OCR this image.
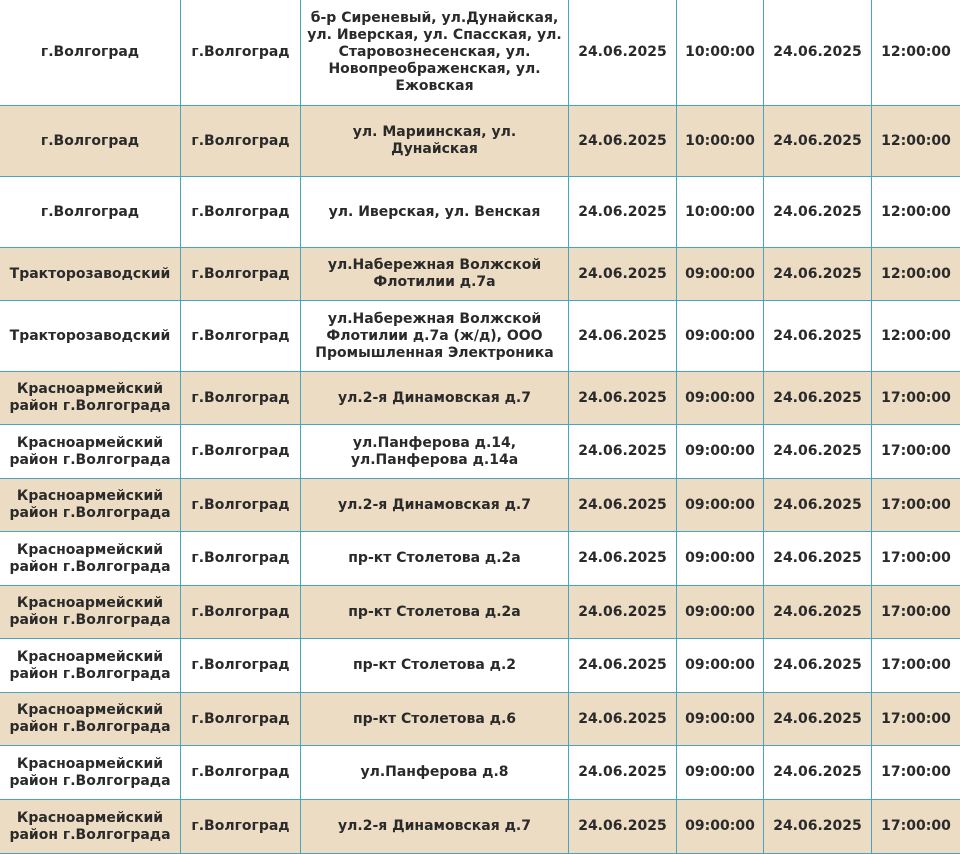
г.Волгоград	г.Волгоград	б-р Сиреневый, ул.Дунайская, ул. Иверская, ул. Спасская, ул. Старовознесенская, ул. Новопреображенская, ул. Ежовская	24.06.2025	10:00:00	24.06.2025	12:00:00
г.Волгоград	г.Волгоград	ул. Мариинская, ул. Дунайская	24.06.2025	10:00:00	24.06.2025	12:00:00
г.Волгоград	г.Волгоград	ул. Иверская, ул. Венская	24.06.2025	10:00:00	24.06.2025	12:00:00
Тракторозаводский	г.Волгоград	ул.Набережная Волжской Флотилии д.7а	24.06.2025	09:00:00	24.06.2025	12:00:00
Тракторозаводский	г.Волгоград	ул.Набережная Волжской Флотилии д.7а (ж/д), ООО Промышленная Электроника	24.06.2025	09:00:00	24.06.2025	12:00:00
Красноармейский район г.Волгограда	г.Волгоград	ул.2-я Динамовская д.7	24.06.2025	09:00:00	24.06.2025	17:00:00
Красноармейский район г.Волгограда	г.Волгоград	ул.Панферова д.14, ул.Панферова д.14а	24.06.2025	09:00:00	24.06.2025	17:00:00
Красноармейский район г.Волгограда	г.Волгоград	ул.2-я Динамовская д.7	24.06.2025	09:00:00	24.06.2025	17:00:00
Красноармейский район г.Волгограда	г.Волгоград	пр-кт Столетова д.2а	24.06.2025	09:00:00	24.06.2025	17:00:00
Красноармейский район г.Волгограда	г.Волгоград	пр-кт Столетова д.2а	24.06.2025	09:00:00	24.06.2025	17:00:00
Красноармейский район г.Волгограда	г.Волгоград	пр-кт Столетова д.2	24.06.2025	09:00:00	24.06.2025	17:00:00
Красноармейский район г.Волгограда	г.Волгоград	пр-кт Столетова д.6	24.06.2025	09:00:00	24.06.2025	17:00:00
Красноармейский район г.Волгограда	г.Волгоград	ул.Панферова д.8	24.06.2025	09:00:00	24.06.2025	17:00:00
Красноармейский район г.Волгограда	г.Волгоград	ул.2-я Динамовская д.7	24.06.2025	09:00:00	24.06.2025	17:00:00
